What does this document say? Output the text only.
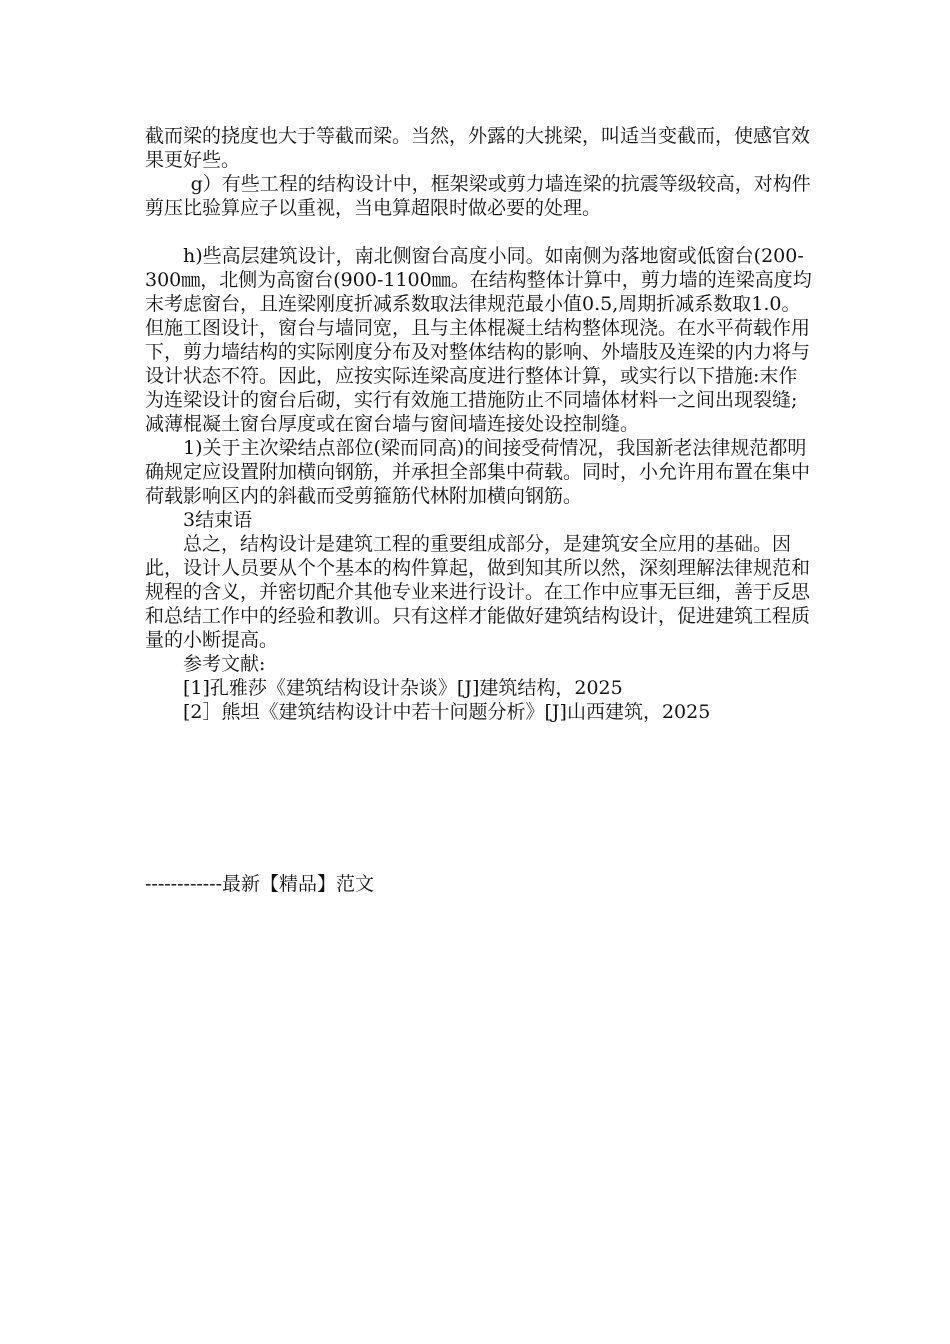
截而梁的挠度也大于等截而梁。当然，外露的大挑梁，叫适当变截而，使感官效果更好些。

g）有些工程的结构设计中，框架梁或剪力墙连梁的抗震等级较高，对构件剪压比验算应子以重视，当电算超限时做必要的处理。

h)些高层建筑设计，南北侧窗台高度小同。如南侧为落地窗或低窗台(200-300㎜，北侧为高窗台(900-1100㎜。在结构整体计算中，剪力墙的连梁高度均末考虑窗台，且连梁刚度折减系数取法律规范最小值0.5,周期折减系数取1.0。但施工图设计，窗台与墙同宽，且与主体棍凝土结构整体现浇。在水平荷载作用下，剪力墙结构的实际刚度分布及对整体结构的影响、外墙肢及连梁的内力将与设计状态不符。因此，应按实际连梁高度进行整体计算，或实行以下措施:末作为连梁设计的窗台后砌，实行有效施工措施防止不同墙体材料一之间出现裂缝;减薄棍凝土窗台厚度或在窗台墙与窗间墙连接处设控制缝。

1)关于主次梁结点部位(梁而同高)的间接受荷情况，我国新老法律规范都明确规定应设置附加横向钢筋，并承担全部集中荷载。同时，小允许用布置在集中荷载影响区内的斜截而受剪箍筋代林附加横向钢筋。

3结束语

总之，结构设计是建筑工程的重要组成部分，是建筑安全应用的基础。因此，设计人员要从个个基本的构件算起，做到知其所以然，深刻理解法律规范和规程的含义，并密切配介其他专业来进行设计。在工作中应事无巨细，善于反思和总结工作中的经验和教训。只有这样才能做好建筑结构设计，促进建筑工程质量的小断提高。

参考文献:

[1]孔雅莎《建筑结构设计杂谈》[J]建筑结构，2025

[2］熊坦《建筑结构设计中若十问题分析》[J]山西建筑，2025

------------最新【精品】范文
